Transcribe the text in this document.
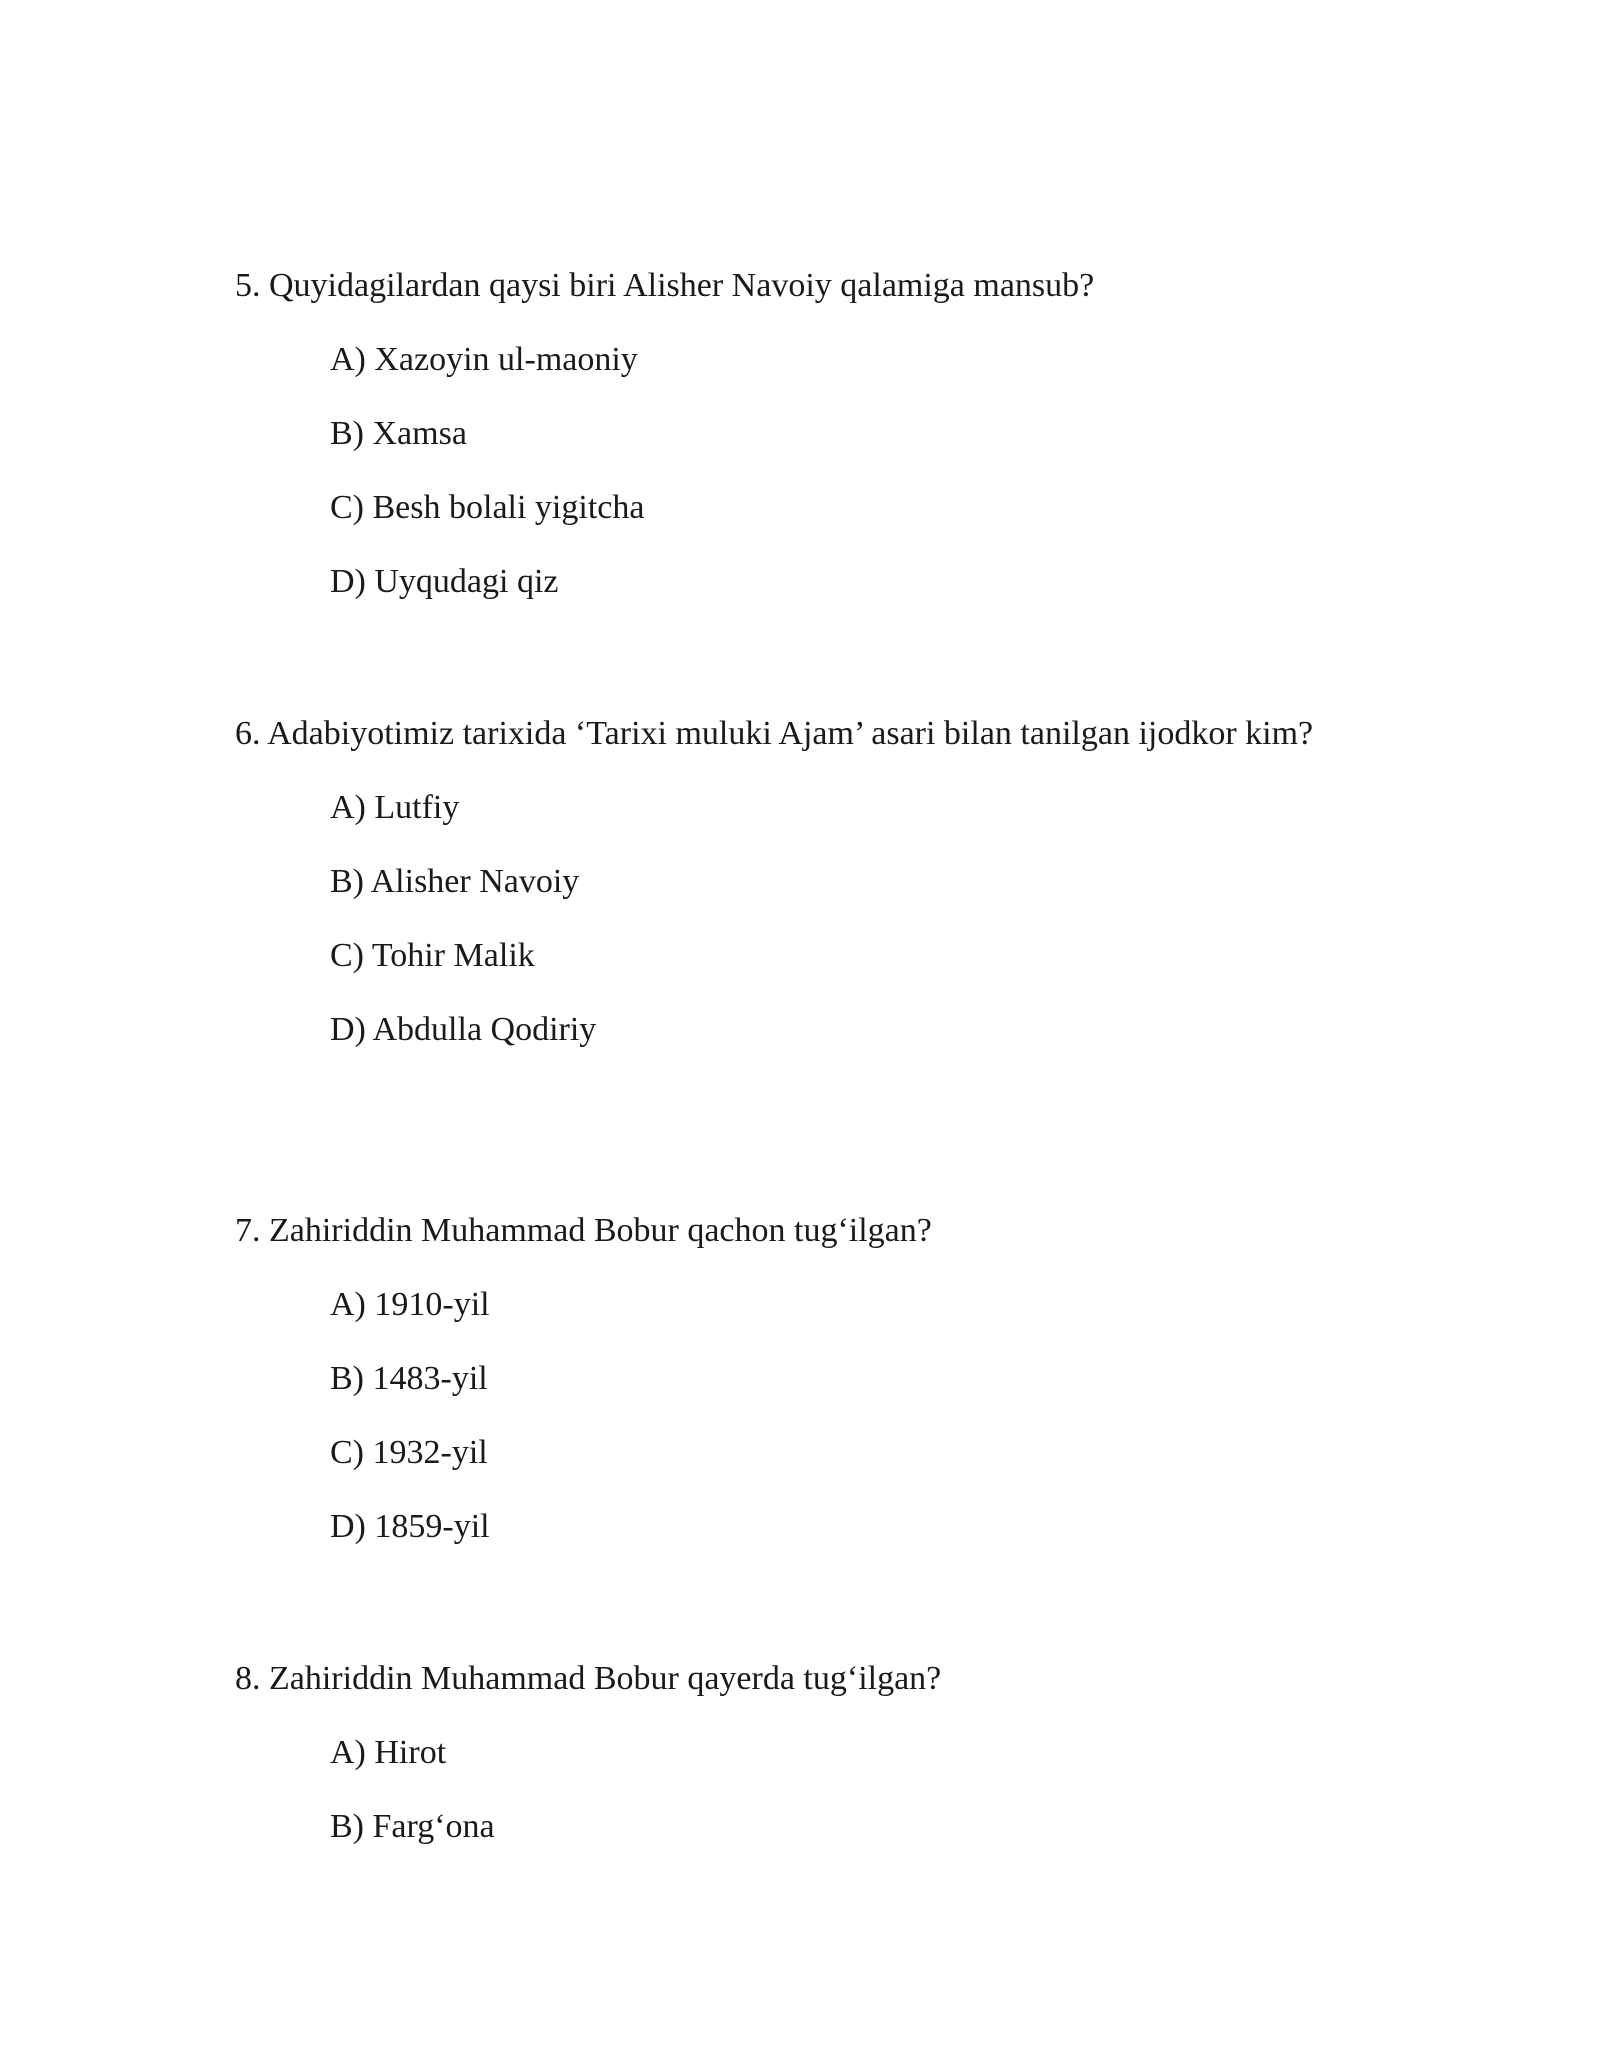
5. Quyidagilardan qaysi biri Alisher Navoiy qalamiga mansub?

A) Xazoyin ul-maoniy
B) Xamsa
C) Besh bolali yigitcha
D) Uyqudagi qiz

6. Adabiyotimiz tarixida ‘Tarixi muluki Ajam’ asari bilan tanilgan ijodkor kim?

A) Lutfiy
B) Alisher Navoiy
C) Tohir Malik
D) Abdulla Qodiriy

7. Zahiriddin Muhammad Bobur qachon tug‘ilgan?

A) 1910-yil
B) 1483-yil
C) 1932-yil
D) 1859-yil

8. Zahiriddin Muhammad Bobur qayerda tug‘ilgan?

A) Hirot
B) Farg‘ona
